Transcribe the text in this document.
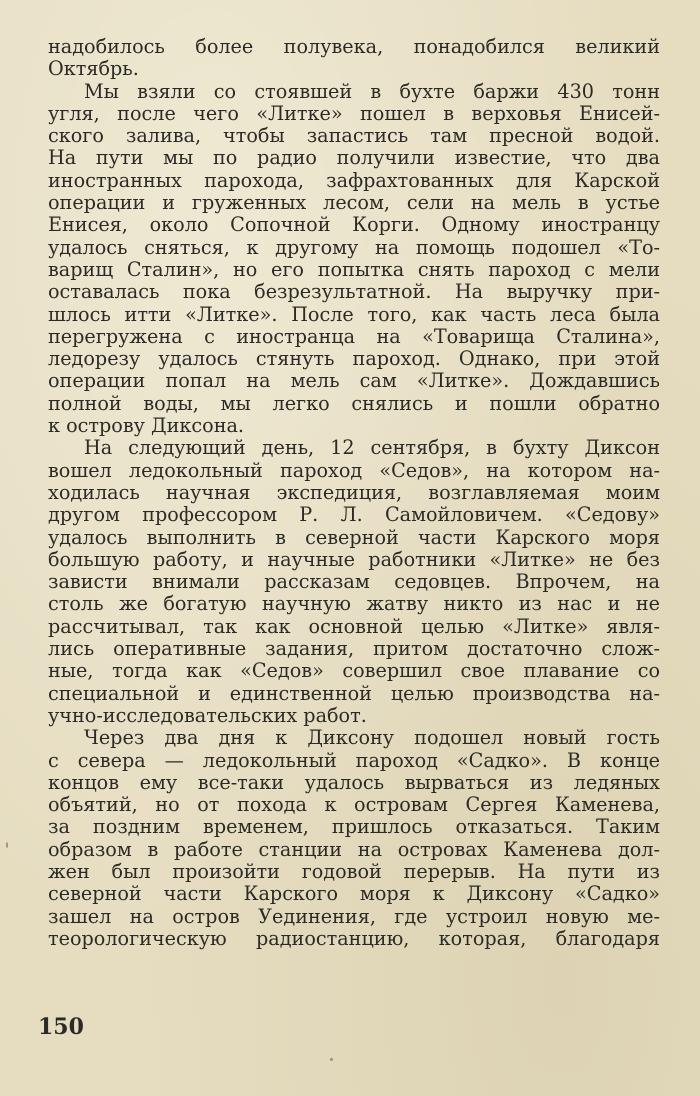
надобилось более полувека, понадобился великий
Октябрь.
Мы взяли со стоявшей в бухте баржи 430 тонн
угля, после чего «Литке» пошел в верховья Енисей-
ского залива, чтобы запастись там пресной водой.
На пути мы по радио получили известие, что два
иностранных парохода, зафрахтованных для Карской
операции и груженных лесом, сели на мель в устье
Енисея, около Сопочной Корги. Одному иностранцу
удалось сняться, к другому на помощь подошел «То-
варищ Сталин», но его попытка снять пароход с мели
оставалась пока безрезультатной. На выручку при-
шлось итти «Литке». После того, как часть леса была
перегружена с иностранца на «Товарища Сталина»,
ледорезу удалось стянуть пароход. Однако, при этой
операции попал на мель сам «Литке». Дождавшись
полной воды, мы легко снялись и пошли обратно
к острову Диксона.
На следующий день, 12 сентября, в бухту Диксон
вошел ледокольный пароход «Седов», на котором на-
ходилась научная экспедиция, возглавляемая моим
другом профессором Р. Л. Самойловичем. «Седову»
удалось выполнить в северной части Карского моря
большую работу, и научные работники «Литке» не без
зависти внимали рассказам седовцев. Впрочем, на
столь же богатую научную жатву никто из нас и не
рассчитывал, так как основной целью «Литке» явля-
лись оперативные задания, притом достаточно слож-
ные, тогда как «Седов» совершил свое плавание со
специальной и единственной целью производства на-
учно-исследовательских работ.
Через два дня к Диксону подошел новый гость
с севера — ледокольный пароход «Садко». В конце
концов ему все-таки удалось вырваться из ледяных
объятий, но от похода к островам Сергея Каменева,
за поздним временем, пришлось отказаться. Таким
образом в работе станции на островах Каменева дол-
жен был произойти годовой перерыв. На пути из
северной части Карского моря к Диксону «Садко»
зашел на остров Уединения, где устроил новую ме-
теорологическую радиостанцию, которая, благодаря
150
